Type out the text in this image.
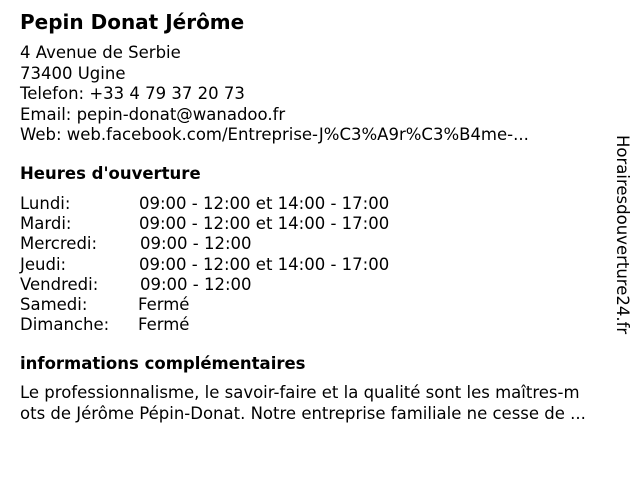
Pepin Donat Jérôme
4 Avenue de Serbie
73400 Ugine
Telefon: +33 4 79 37 20 73
Email: pepin-donat@wanadoo.fr
Web: web.facebook.com/Entreprise-J%C3%A9r%C3%B4me-...
Heures d'ouverture
Lundi:	09:00 - 12:00 et 14:00 - 17:00
Mardi:	09:00 - 12:00 et 14:00 - 17:00
Mercredi:	09:00 - 12:00
Jeudi:	09:00 - 12:00 et 14:00 - 17:00
Vendredi:	09:00 - 12:00
Samedi:	Fermé
Dimanche: Fermé
informations complémentaires
Le professionnalisme, le savoir-faire et la qualité sont les maîtres-m
ots de Jérôme Pépin-Donat. Notre entreprise familiale ne cesse de ...
Horairesdouverture24.fr
